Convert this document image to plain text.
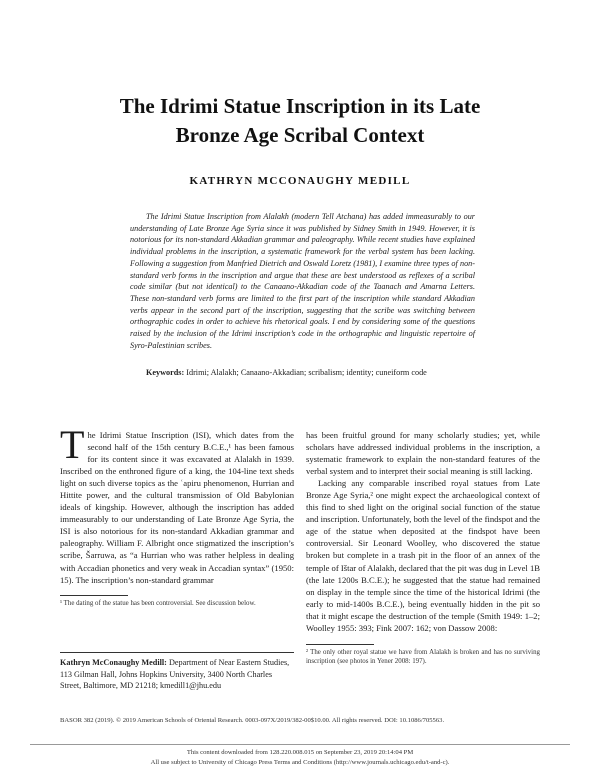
The Idrimi Statue Inscription in its Late
Bronze Age Scribal Context
KATHRYN MCCONAUGHY MEDILL
The Idrimi Statue Inscription from Alalakh (modern Tell Atchana) has added immeasurably to our understanding of Late Bronze Age Syria since it was published by Sidney Smith in 1949. However, it is notorious for its non-standard Akkadian grammar and paleography. While recent studies have explained individual problems in the inscription, a systematic framework for the verbal system has been lacking. Following a suggestion from Manfried Dietrich and Oswald Loretz (1981), I examine three types of non-standard verb forms in the inscription and argue that these are best understood as reflexes of a scribal code similar (but not identical) to the Canaano-Akkadian code of the Taanach and Amarna Letters. These non-standard verb forms are limited to the first part of the inscription while standard Akkadian verbs appear in the second part of the inscription, suggesting that the scribe was switching between orthographic codes in order to achieve his rhetorical goals. I end by considering some of the questions raised by the inclusion of the Idrimi inscription’s code in the orthographic and linguistic repertoire of Syro-Palestinian scribes.
Keywords: Idrimi; Alalakh; Canaano-Akkadian; scribalism; identity; cuneiform code

The Idrimi Statue Inscription (ISI), which dates from the second half of the 15th century B.C.E.,¹ has been famous for its content since it was excavated at Alalakh in 1939. Inscribed on the enthroned figure of a king, the 104-line text sheds light on such diverse topics as the ʿapiru phenomenon, Hurrian and Hittite power, and the cultural transmission of Old Babylonian ideals of kingship. However, although the inscription has added immeasurably to our understanding of Late Bronze Age Syria, the ISI is also notorious for its non-standard Akkadian grammar and paleography. William F. Albright once stigmatized the inscription’s scribe, Šarruwa, as “a Hurrian who was rather helpless in dealing with Accadian phonetics and very weak in Accadian syntax” (1950: 15). The inscription’s non-standard grammar

¹ The dating of the statue has been controversial. See discussion below.
Kathryn McConaughy Medill: Department of Near Eastern Studies, 113 Gilman Hall, Johns Hopkins University, 3400 North Charles Street, Baltimore, MD 21218; kmedill1@jhu.edu

has been fruitful ground for many scholarly studies; yet, while scholars have addressed individual problems in the inscription, a systematic framework to explain the non-standard features of the verbal system and to interpret their social meaning is still lacking.

Lacking any comparable inscribed royal statues from Late Bronze Age Syria,² one might expect the archaeological context of this find to shed light on the original social function of the statue and inscription. Unfortunately, both the level of the findspot and the age of the statue when deposited at the findspot have been controversial. Sir Leonard Woolley, who discovered the statue broken but complete in a trash pit in the floor of an annex of the temple of Ištar of Alalakh, declared that the pit was dug in Level 1B (the late 1200s B.C.E.); he suggested that the statue had remained on display in the temple since the time of the historical Idrimi (the early to mid-1400s B.C.E.), being eventually hidden in the pit so that it might escape the destruction of the temple (Smith 1949: 1–2; Woolley 1955: 393; Fink 2007: 162; von Dassow 2008:

² The only other royal statue we have from Alalakh is broken and has no surviving inscription (see photos in Yener 2008: 197).
BASOR 382 (2019). © 2019 American Schools of Oriental Research. 0003-097X/2019/382-00$10.00. All rights reserved. DOI: 10.1086/705563.
This content downloaded from 128.220.008.015 on September 23, 2019 20:14:04 PM
All use subject to University of Chicago Press Terms and Conditions (http://www.journals.uchicago.edu/t-and-c).
